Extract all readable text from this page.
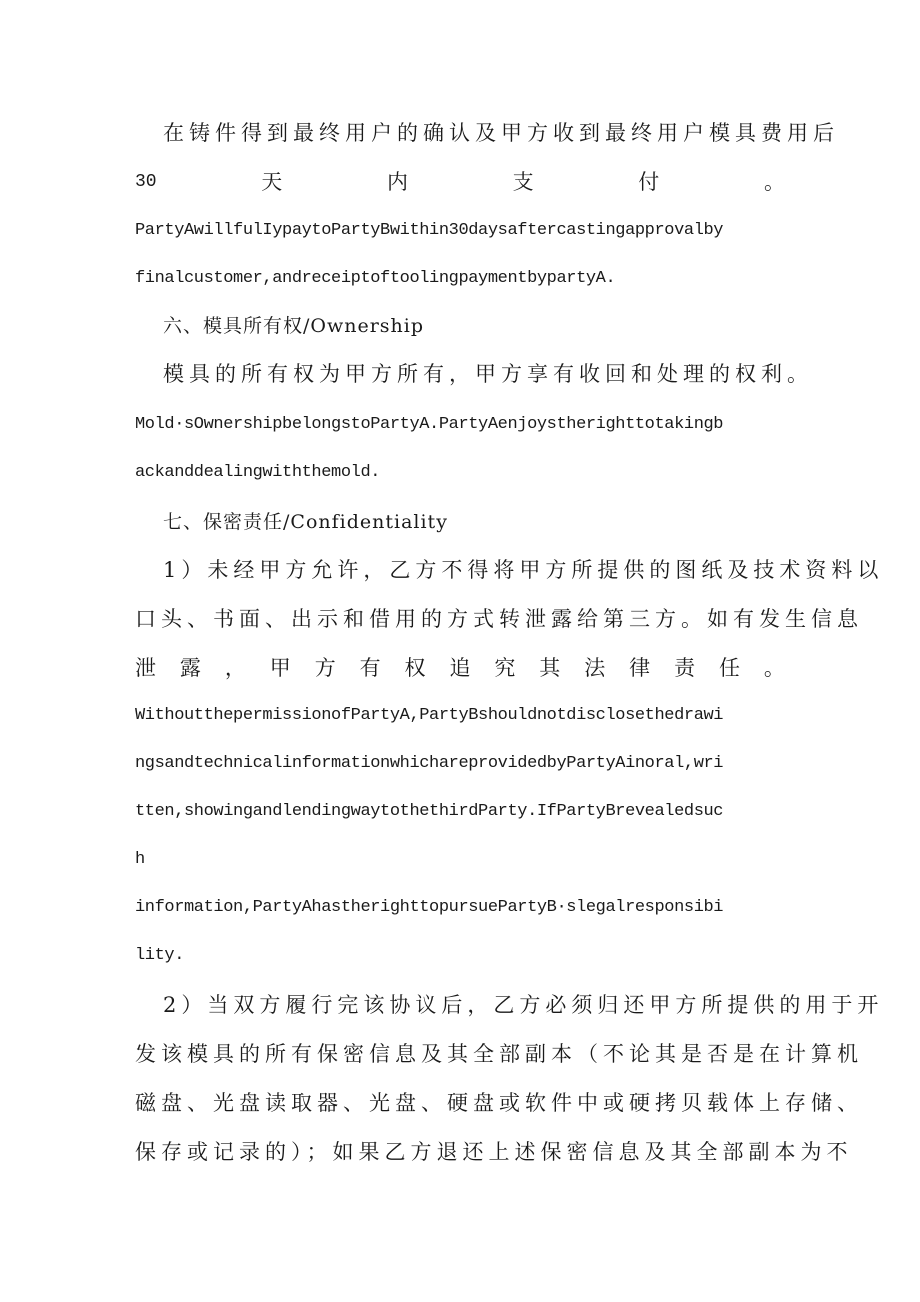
在铸件得到最终用户的确认及甲方收到最终用户模具费用后
30	天	内	支	付	。
PartyAwillfulIypaytoPartyBwithin30daysaftercastingapprovalby
finalcustomer,andreceiptoftoolingpaymentbypartyA.
六、模具所有权/Ownership
模具的所有权为甲方所有，甲方享有收回和处理的权利。
Mold·sOwnershipbelongstoPartyA.PartyAenjoystherighttotakingb
ackanddealingwiththemold.
七、保密责任/Confidentiality
1）未经甲方允许，乙方不得将甲方所提供的图纸及技术资料以
口头、书面、出示和借用的方式转泄露给第三方。如有发生信息
泄 露 ， 甲 方 有 权 追 究 其 法 律 责 任 。
WithoutthepermissionofPartyA,PartyBshouldnotdisclosethedrawi
ngsandtechnicalinformationwhichareprovidedbyPartyAinoral,wri
tten,showingandlendingwaytothethirdParty.IfPartyBrevealedsuc
h
information,PartyAhastherighttopursuePartyB·slegalresponsibi
lity.
2）当双方履行完该协议后，乙方必须归还甲方所提供的用于开
发该模具的所有保密信息及其全部副本（不论其是否是在计算机
磁盘、光盘读取器、光盘、硬盘或软件中或硬拷贝载体上存储、
保存或记录的）；如果乙方退还上述保密信息及其全部副本为不
